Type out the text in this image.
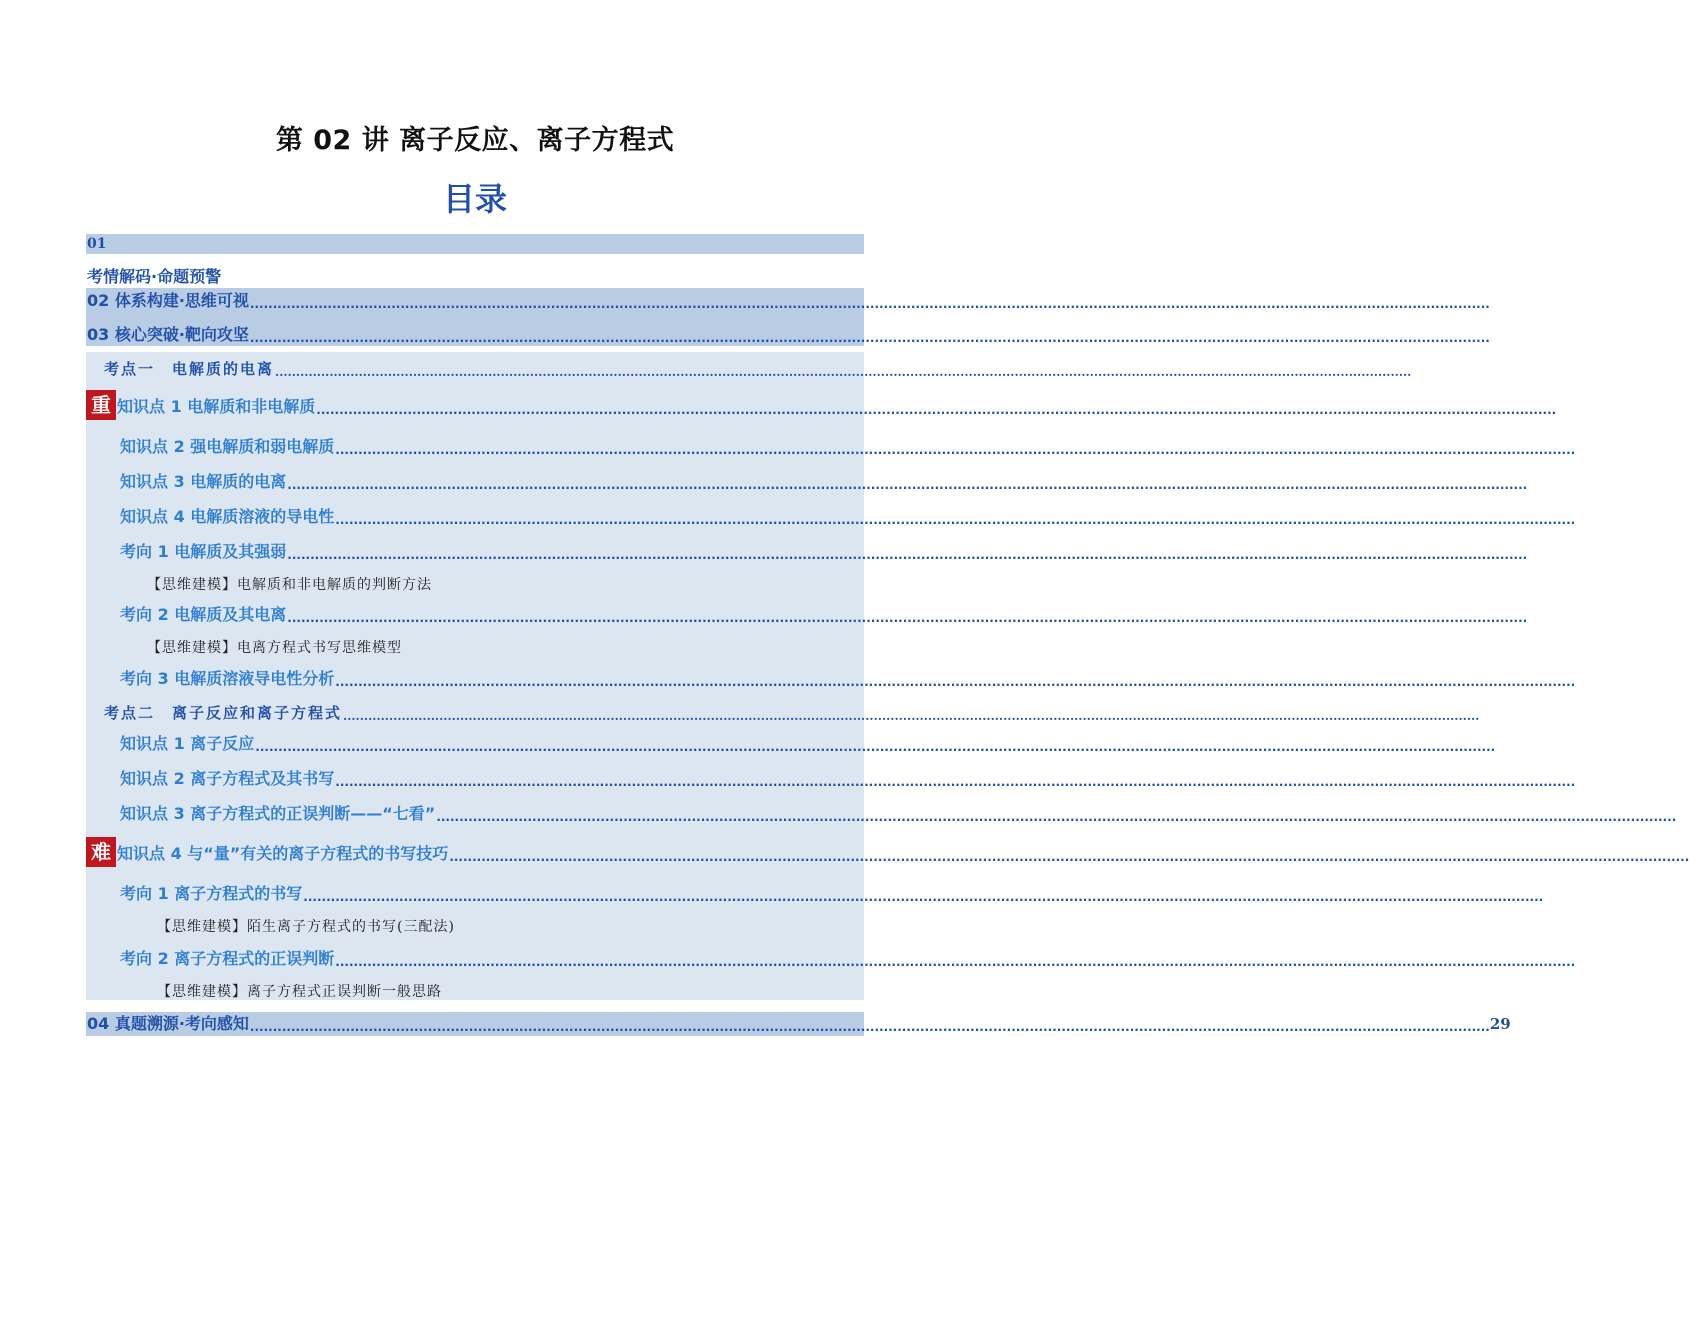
第 02 讲 离子反应、离子方程式
目录
01
考情解码·命题预警
02 体系构建·思维可视 ................................................................................................................................................................................................................................................................................
03 核心突破·靶向攻坚 ................................................................................................................................................................................................................................................................................
考点一　电解质的电离 ................................................................................................................................................................................................................................................................................
重 知识点 1 电解质和非电解质 ................................................................................................................................................................................................................................................................................
知识点 2 强电解质和弱电解质 ................................................................................................................................................................................................................................................................................
知识点 3 电解质的电离 ................................................................................................................................................................................................................................................................................
知识点 4 电解质溶液的导电性 ................................................................................................................................................................................................................................................................................
考向 1 电解质及其强弱 ................................................................................................................................................................................................................................................................................
【思维建模】电解质和非电解质的判断方法
考向 2 电解质及其电离 ................................................................................................................................................................................................................................................................................
【思维建模】电离方程式书写思维模型
考向 3 电解质溶液导电性分析 ................................................................................................................................................................................................................................................................................
考点二　离子反应和离子方程式 ................................................................................................................................................................................................................................................................................
知识点 1 离子反应 ................................................................................................................................................................................................................................................................................
知识点 2 离子方程式及其书写 ................................................................................................................................................................................................................................................................................
知识点 3 离子方程式的正误判断——“七看” ................................................................................................................................................................................................................................................................................
难 知识点 4 与“量”有关的离子方程式的书写技巧 ................................................................................................................................................................................................................................................................................
考向 1 离子方程式的书写 ................................................................................................................................................................................................................................................................................
【思维建模】陌生离子方程式的书写(三配法)
考向 2 离子方程式的正误判断 ................................................................................................................................................................................................................................................................................
【思维建模】离子方程式正误判断一般思路
04 真题溯源·考向感知 ................................................................................................................................................................................................................................................................................ 29
